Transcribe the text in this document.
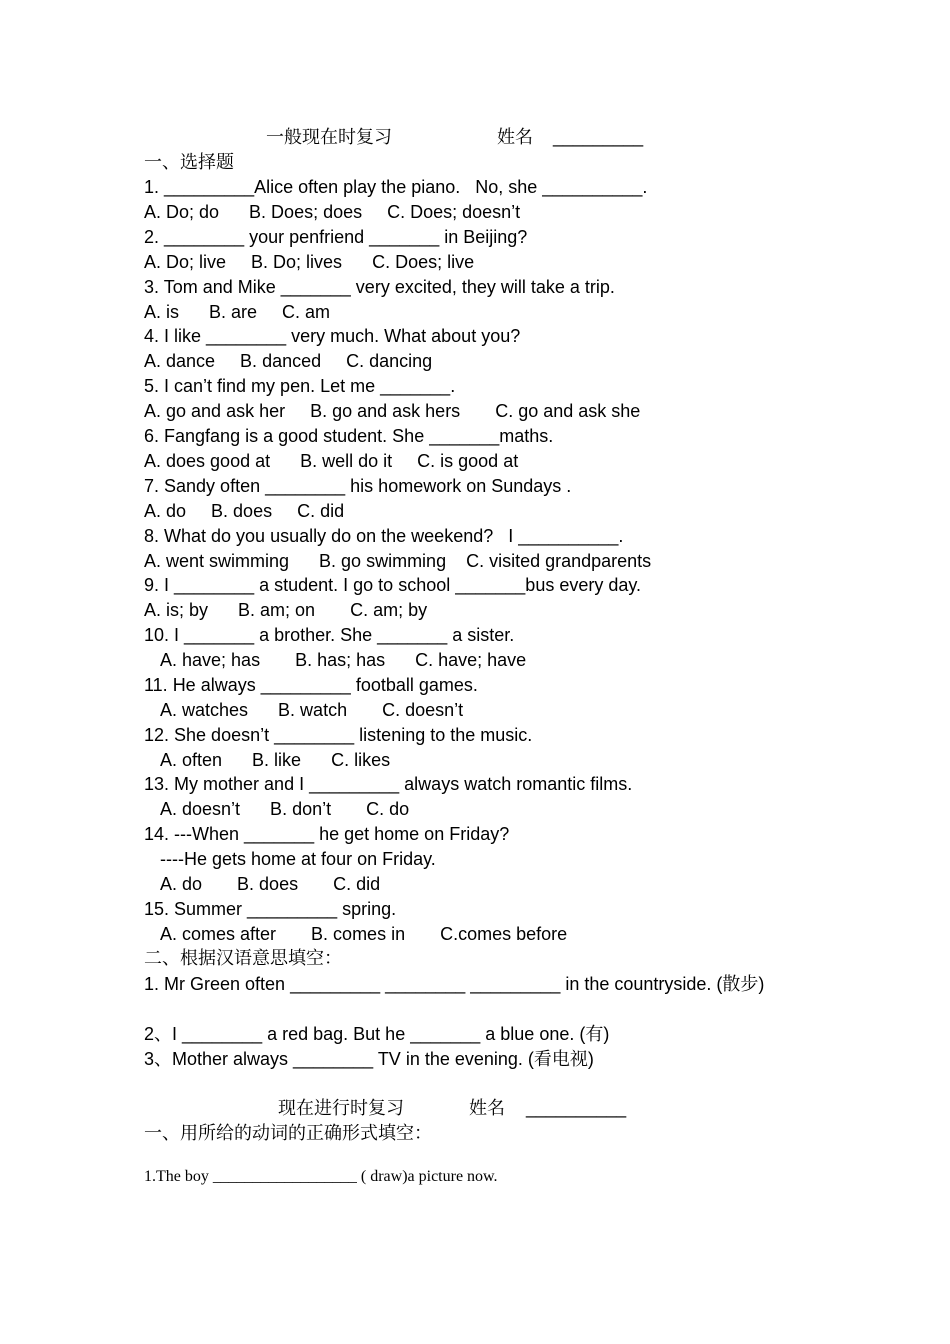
一般现在时复习	姓名 _________
一、选择题
1. _________Alice often play the piano.   No, she __________.
A. Do; do      B. Does; does     C. Does; doesn’t
2. ________ your penfriend _______ in Beijing?
A. Do; live     B. Do; lives      C. Does; live
3. Tom and Mike _______ very excited, they will take a trip.
A. is      B. are     C. am
4. I like ________ very much. What about you?
A. dance     B. danced     C. dancing
5. I can’t find my pen. Let me _______.
A. go and ask her     B. go and ask hers       C. go and ask she
6. Fangfang is a good student. She _______maths.
A. does good at      B. well do it     C. is good at
7. Sandy often ________ his homework on Sundays .
A. do     B. does     C. did
8. What do you usually do on the weekend?   I __________.
A. went swimming      B. go swimming    C. visited grandparents
9. I ________ a student. I go to school _______bus every day.
A. is; by      B. am; on       C. am; by
10. I _______ a brother. She _______ a sister.
A. have; has       B. has; has      C. have; have
11. He always _________ football games.
A. watches      B. watch       C. doesn’t
12. She doesn’t ________ listening to the music.
A. often      B. like      C. likes
13. My mother and I _________ always watch romantic films.
A. doesn’t      B. don’t       C. do
14. ---When _______ he get home on Friday?
----He gets home at four on Friday.
A. do       B. does       C. did
15. Summer _________ spring.
A. comes after       B. comes in       C.comes before
二、根据汉语意思填空：
1. Mr Green often _________ ________ _________ in the countryside. (散步)
2、I ________ a red bag. But he _______ a blue one. (有)
3、Mother always ________ TV in the evening. (看电视)
现在进行时复习	姓名 __________
一、用所给的动词的正确形式填空：
1.The boy __________________ ( draw)a picture now.
